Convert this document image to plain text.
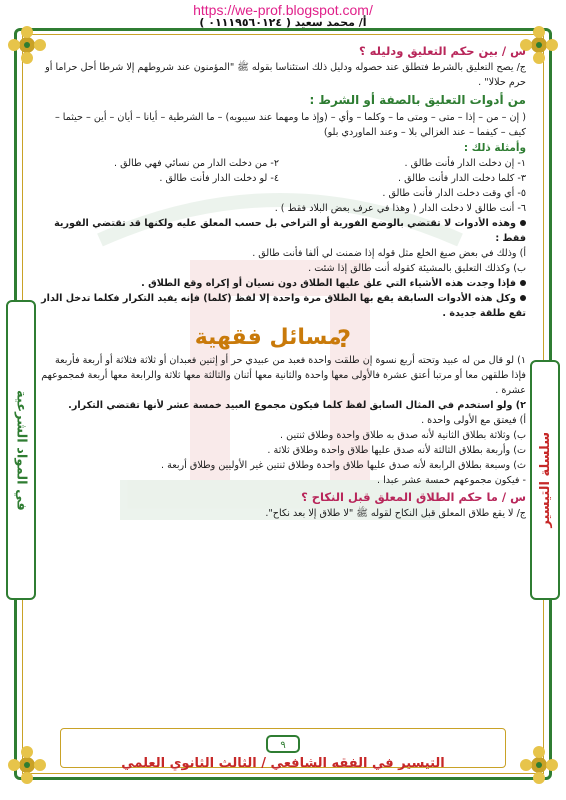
https://we-prof.blogspot.com/
أ/ محمد سعيد ( ٠١١١٩٥٦٠١٢٤ )
سلسلة التيسير
في المواد الشرعية
س / بين حكم التعليق ودليله ؟

ج/ يصح التعليق بالشرط فتطلق عند حصوله ودليل ذلك استئناسا بقوله ﷺ "المؤمنون عند شروطهم إلا شرطا أحل حراما أو حرم حلالا" .

من أدوات التعليق بالصفة أو الشرط :

( إن – من – إذا – متى – ومتى ما – وكلما – وأي – (وإذ ما ومهما عند سيبويه) – ما الشرطية – أيانا – أيان – أين – حيثما – كيف – كيفما – عند الغزالي بلا – وعند الماوردي بلو)

وأمثلة ذلك :

١- إن دخلت الدار فأنت طالق .

٢- من دخلت الدار من نسائي فهي طالق .

٣- كلما دخلت الدار فأنت طالق .

٤- لو دخلت الدار فأنت طالق .

٥- أي وقت دخلت الدار فأنت طالق .

٦- أنت طالق لا دخلت الدار ( وهذا في عرف بعض البلاد فقط ) .

وهذه الأدوات لا تقتضي بالوضع الفورية أو التراخي بل حسب المعلق عليه ولكنها قد تقتضي الفورية فقط :

أ) وذلك في بعض صيغ الخلع مثل قوله إذا ضمنت لي ألفا فأنت طالق .

ب) وكذلك التعليق بالمشيئة كقوله أنت طالق إذا شئت .

فإذا وجدت هذه الأشياء التي علق عليها الطلاق دون نسيان أو إكراه وقع الطلاق .

وكل هذه الأدوات السابقة يقع بها الطلاق مرة واحدة إلا لفظ (كلما) فإنه يفيد التكرار فكلما تدخل الدار تقع طلقة جديدة .

?
مسائل فقهية

١) لو قال من له عبيد وتحته أربع نسوة إن طلقت واحدة فعبد من عبيدي حر أو إثنين فعبدان أو ثلاثة فثلاثة أو أربعة فأربعة فإذا طلقهن معا أو مرتبا أعتق عشرة فالأولى معها واحدة والثانية معها أثنان والثالثة معها ثلاثة والرابعة معها أربعة فمجموعهم عشرة .

٢) ولو استخدم في المثال السابق لفظ كلما فيكون مجموع العبيد خمسة عشر لأنها تقتضي التكرار.

أ) فيعتق مع الأولى واحدة .

ب) وثلاثة بطلاق الثانية لأنه صدق به طلاق واحدة وطلاق ثنتين .

ت) وأربعة بطلاق الثالثة لأنه صدق عليها طلاق واحدة وطلاق ثلاثة .

ث) وسبعة بطلاق الرابعة لأنه صدق عليها طلاق واحدة وطلاق ثنتين غير الأوليين وطلاق أربعة .

- فيكون مجموعهم خمسة عشر عبدا .

س / ما حكم الطلاق المعلق قبل النكاح ؟

ج/ لا يقع طلاق المعلق قبل النكاح لقوله ﷺ "لا طلاق إلا بعد نكاح".

٩
التيسير في الفقه الشافعي / الثالث الثانوي العلمي
